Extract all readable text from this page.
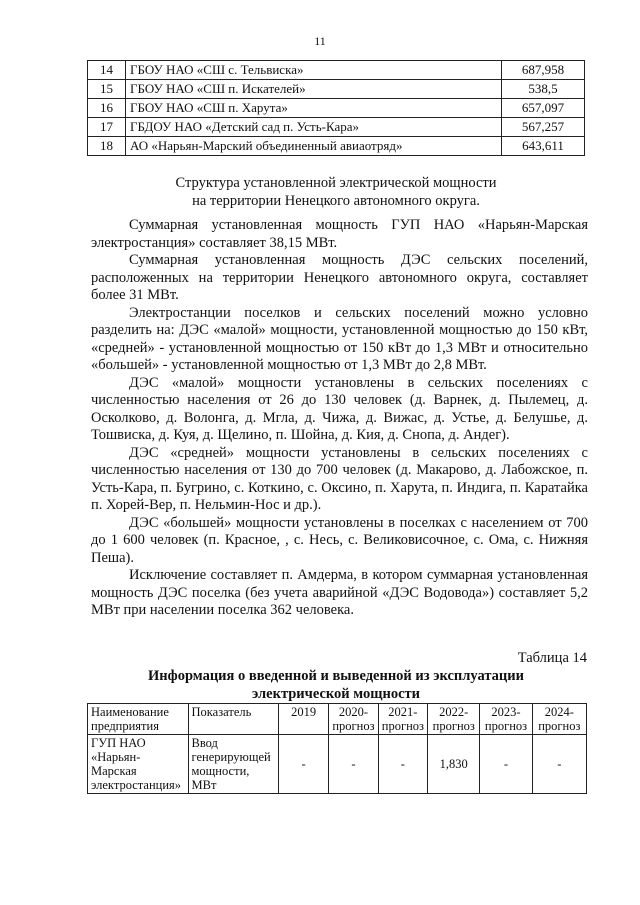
11
14	ГБОУ НАО «СШ с. Тельвиска»	687,958
15	ГБОУ НАО «СШ п. Искателей»	538,5
16	ГБОУ НАО «СШ п. Харута»	657,097
17	ГБДОУ НАО «Детский сад п. Усть-Кара»	567,257
18	АО «Нарьян-Марский объединенный авиаотряд»	643,611
Структура установленной электрической мощности
на территории Ненецкого автономного округа.

Суммарная установленная мощность ГУП НАО «Нарьян-Марская электростанция» составляет 38,15 МВт.

Суммарная установленная мощность ДЭС сельских поселений, расположенных на территории Ненецкого автономного округа, составляет более 31 МВт.

Электростанции поселков и сельских поселений можно условно разделить на: ДЭС «малой» мощности, установленной мощностью до 150 кВт, «средней» - установленной мощностью от 150 кВт до 1,3 МВт и относительно «большей» - установленной мощностью от 1,3 МВт до 2,8 МВт.

ДЭС «малой» мощности установлены в сельских поселениях с численностью населения от 26 до 130 человек (д. Варнек, д. Пылемец, д. Осколково, д. Волонга, д. Мгла, д. Чижа, д. Вижас, д. Устье, д. Белушье, д. Тошвиска, д. Куя, д. Щелино, п. Шойна, д. Кия, д. Снопа, д. Андег).

ДЭС «средней» мощности установлены в сельских поселениях с численностью населения от 130 до 700 человек (д. Макарово, д. Лабожское, п. Усть-Кара, п. Бугрино, с. Коткино, с. Оксино, п. Харута, п. Индига, п. Каратайка п. Хорей-Вер, п. Нельмин-Нос и др.).

ДЭС «большей» мощности установлены в поселках с населением от 700 до 1 600 человек (п. Красное, , с. Несь, с. Великовисочное, с. Ома, с. Нижняя Пеша).

Исключение составляет п. Амдерма, в котором суммарная установленная мощность ДЭС поселка (без учета аварийной «ДЭС Водовода») составляет 5,2 МВт при населении поселка 362 человека.

Таблица 14
Информация о введенной и выведенной из эксплуатации
электрической мощности
Наименование предприятия	Показатель	2019	2020-прогноз	2021-прогноз	2022-прогноз	2023-прогноз	2024-прогноз
ГУП НАО «Нарьян-Марская электростанция»	Ввод генерирующей мощности, МВт	-	-	-	1,830	-	-
